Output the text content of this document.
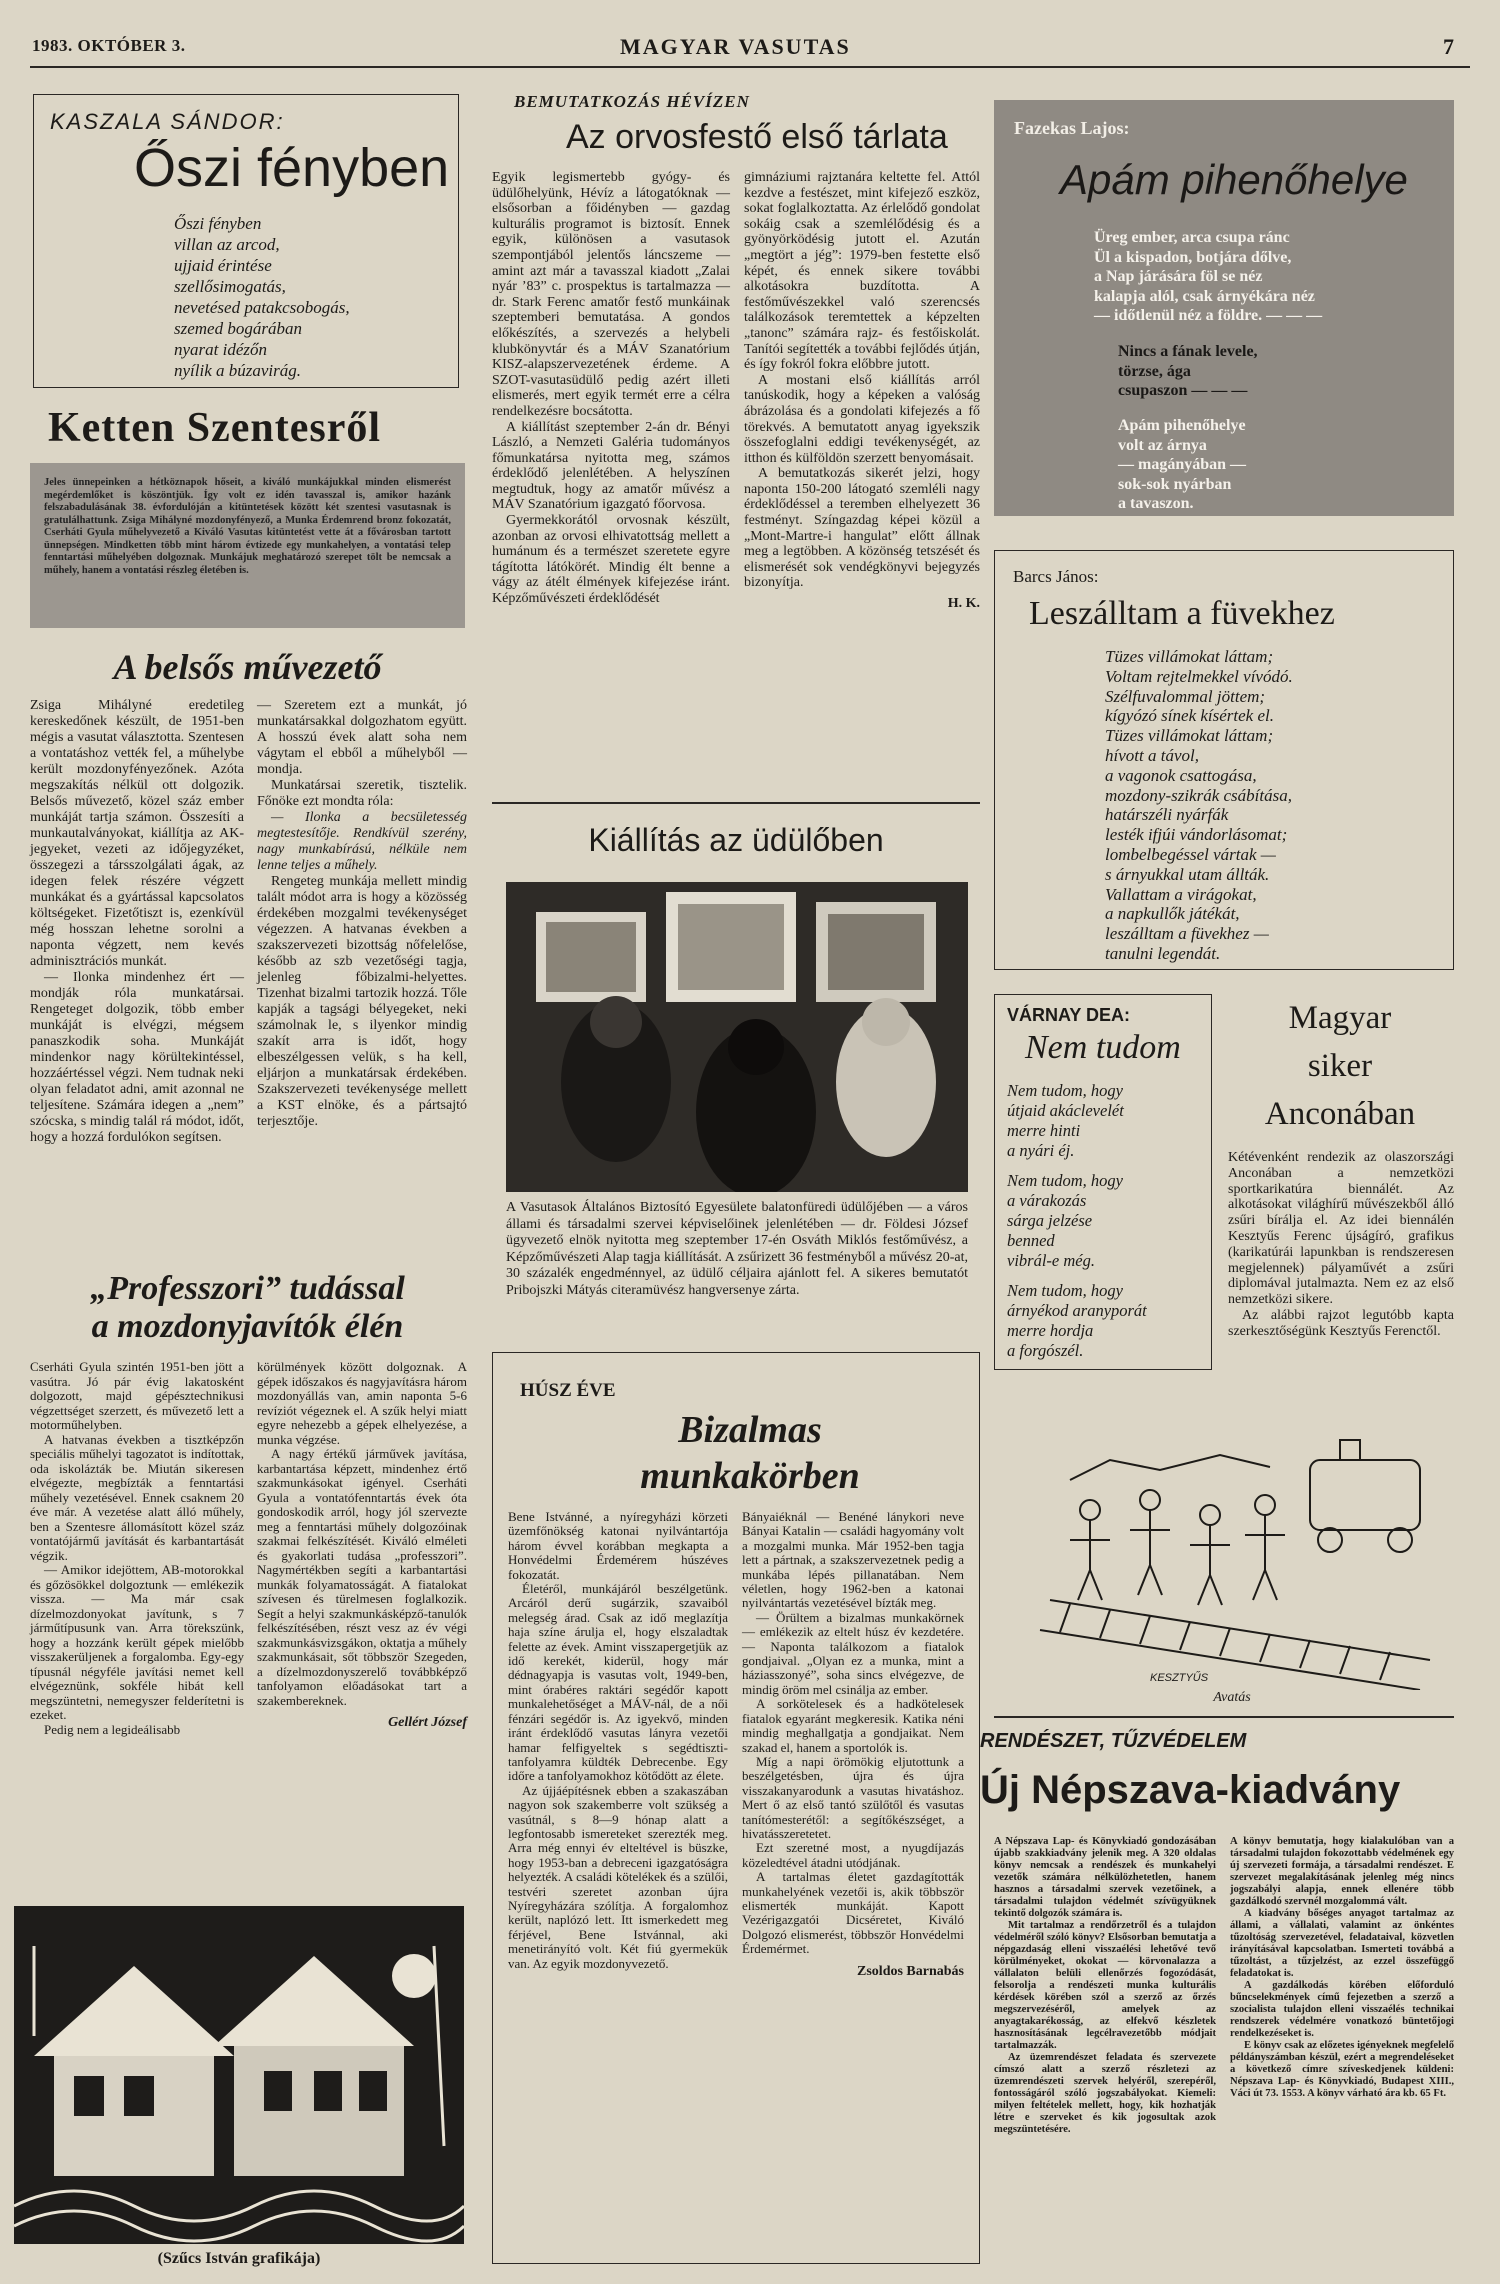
1983. OKTÓBER 3.	MAGYAR VASUTAS	7
KASZALA SÁNDOR:
Őszi fényben

Őszi fényben
villan az arcod,
ujjaid érintése
szellősimogatás,
nevetésed patakcsobogás,
szemed bogárában
nyarat idézőn
nyílik a búzavirág.

Ketten Szentesről

Jeles ünnepeinken a hétköznapok hőseit, a kiváló munkájukkal minden elismerést megérdemlőket is köszöntjük. Így volt ez idén tavasszal is, amikor hazánk felszabadulásának 38. évfordulóján a kitüntetések között két szentesi vasutasnak is gratulálhattunk. Zsiga Mihályné mozdonyfényező, a Munka Érdemrend bronz fokozatát, Cserháti Gyula műhelyvezető a Kiváló Vasutas kitüntetést vette át a fővárosban tartott ünnepségen. Mindketten több mint három évtizede egy munkahelyen, a vontatási telep fenntartási műhelyében dolgoznak. Munkájuk meghatározó szerepet tölt be nemcsak a műhely, hanem a vontatási részleg életében is.

A belsős művezető

Zsiga Mihályné eredetileg kereskedőnek készült, de 1951-ben mégis a vasutat választotta. Szentesen a vontatáshoz vették fel, a műhelybe került mozdonyfényezőnek. Azóta megszakítás nélkül ott dolgozik. Belsős művezető, közel száz ember munkáját tartja számon. Összesíti a munkautalványokat, kiállítja az AK-jegyeket, vezeti az időjegyzéket, összegezi a társszolgálati ágak, az idegen felek részére végzett munkákat és a gyártással kapcsolatos költségeket. Fizetőtiszt is, ezenkívül még hosszan lehetne sorolni a naponta végzett, nem kevés adminisztrációs munkát.

— Ilonka mindenhez ért — mondják róla munkatársai. Rengeteget dolgozik, több ember munkáját is elvégzi, mégsem panaszkodik soha. Munkáját mindenkor nagy körültekintéssel, hozzáértéssel végzi. Nem tudnak neki olyan feladatot adni, amit azonnal ne teljesítene. Számára idegen a „nem” szócska, s mindig talál rá módot, időt, hogy a hozzá fordulókon segítsen.

— Szeretem ezt a munkát, jó munkatársakkal dolgozhatom együtt. A hosszú évek alatt soha nem vágytam el ebből a műhelyből — mondja.

Munkatársai szeretik, tisztelik. Főnöke ezt mondta róla:

— Ilonka a becsületesség megtestesítője. Rendkívül szerény, nagy munkabírású, nélküle nem lenne teljes a műhely.

Rengeteg munkája mellett mindig talált módot arra is hogy a közösség érdekében mozgalmi tevékenységet végezzen. A hatvanas években a szakszervezeti bizottság nőfelelőse, később az szb vezetőségi tagja, jelenleg főbizalmi-helyettes. Tizenhat bizalmi tartozik hozzá. Tőle kapják a tagsági bélyegeket, neki számolnak le, s ilyenkor mindig szakít arra is időt, hogy elbeszélgessen velük, s ha kell, eljárjon a munkatársak érdekében. Szakszervezeti tevékenysége mellett a KST elnöke, és a pártsajtó terjesztője.

„Professzori” tudással
a mozdonyjavítók élén

Cserháti Gyula szintén 1951-ben jött a vasútra. Jó pár évig lakatosként dolgozott, majd gépésztechnikusi végzettséget szerzett, és művezető lett a motorműhelyben.

A hatvanas években a tisztképzőn speciális műhelyi tagozatot is indítottak, oda iskolázták be. Miután sikeresen elvégezte, megbízták a fenntartási műhely vezetésével. Ennek csaknem 20 éve már. A vezetése alatt álló műhely, ben a Szentesre állomásított közel száz vontatójármű javítását és karbantartását végzik.

— Amikor idejöttem, AB-motorokkal és gőzösökkel dolgoztunk — emlékezik vissza. — Ma már csak dízelmozdonyokat javítunk, s 7 járműtípusunk van. Arra törekszünk, hogy a hozzánk került gépek mielőbb visszakerüljenek a forgalomba. Egy-egy típusnál négyféle javítási nemet kell elvégeznünk, sokféle hibát kell megszüntetni, nemegyszer felderítetni is ezeket.

Pedig nem a legideálisabb

körülmények között dolgoznak. A gépek időszakos és nagyjavításra három mozdonyállás van, amin naponta 5-6 revíziót végeznek el. A szűk helyi miatt egyre nehezebb a gépek elhelyezése, a munka végzése.

A nagy értékű járművek javítása, karbantartása képzett, mindenhez értő szakmunkásokat igényel. Cserháti Gyula a vontatófenntartás évek óta gondoskodik arról, hogy jól szervezte meg a fenntartási műhely dolgozóinak szakmai felkészítését. Kiváló elméleti és gyakorlati tudása „professzori”. Nagymértékben segíti a karbantartási munkák folyamatosságát. A fiatalokat szívesen és türelmesen foglalkozik. Segít a helyi szakmunkásképző-tanulók felkészítésében, részt vesz az év végi szakmunkásvizsgákon, oktatja a műhely szakmunkásait, sőt többször Szegeden, a dízelmozdonyszerelő továbbképző tanfolyamon előadásokat tart a szakembereknek.

Gellért József

(Szűcs István grafikája)
BEMUTATKOZÁS HÉVÍZEN
Az orvosfestő első tárlata

Egyik legismertebb gyógy- és üdülőhelyünk, Hévíz a látogatóknak — elsősorban a főidényben — gazdag kulturális programot is biztosít. Ennek egyik, különösen a vasutasok szempontjából jelentős láncszeme — amint azt már a tavasszal kiadott „Zalai nyár ’83” c. prospektus is tartalmazza — dr. Stark Ferenc amatőr festő munkáinak szeptemberi bemutatása. A gondos előkészítés, a szervezés a helybeli klubkönyvtár és a MÁV Szanatórium KISZ-alapszervezetének érdeme. A SZOT-vasutasüdülő pedig azért illeti elismerés, mert egyik termét erre a célra rendelkezésre bocsátotta.

A kiállítást szeptember 2-án dr. Bényi László, a Nemzeti Galéria tudományos főmunkatársa nyitotta meg, számos érdeklődő jelenlétében. A helyszínen megtudtuk, hogy az amatőr művész a MÁV Szanatórium igazgató főorvosa.

Gyermekkorától orvosnak készült, azonban az orvosi elhivatottság mellett a humánum és a természet szeretete egyre tágította látókörét. Mindig élt benne a vágy az átélt élmények kifejezése iránt. Képzőművészeti érdeklődését

gimnáziumi rajztanára keltette fel. Attól kezdve a festészet, mint kifejező eszköz, sokat foglalkoztatta. Az érlelődő gondolat sokáig csak a szemlélődésig és a gyönyörködésig jutott el. Azután „megtört a jég”: 1979-ben festette első képét, és ennek sikere további alkotásokra buzdította. A festőművészekkel való szerencsés találkozások teremtettek a képzelten „tanonc” számára rajz- és festőiskolát. Tanítói segítették a további fejlődés útján, és így fokról fokra előbbre jutott.

A mostani első kiállítás arról tanúskodik, hogy a képeken a valóság ábrázolása és a gondolati kifejezés a fő törekvés. A bemutatott anyag igyekszik összefoglalni eddigi tevékenységét, az itthon és külföldön szerzett benyomásait.

A bemutatkozás sikerét jelzi, hogy naponta 150-200 látogató szemléli nagy érdeklődéssel a teremben elhelyezett 36 festményt. Színgazdag képei közül a „Mont-Martre-i hangulat” előtt állnak meg a legtöbben. A közönség tetszését és elismerését sok vendégkönyvi bejegyzés bizonyítja.

H. K.

Kiállítás az üdülőben

A Vasutasok Általános Biztosító Egyesülete balatonfüredi üdülőjében — a város állami és társadalmi szervei képviselőinek jelenlétében — dr. Földesi József ügyvezető elnök nyitotta meg szeptember 17-én Osváth Miklós festőművész, a Képzőművészeti Alap tagja kiállítását. A zsűrizett 36 festményből a művész 20-at, 30 százalék engedménnyel, az üdülő céljaira ajánlott fel. A sikeres bemutatót Pribojszki Mátyás citeramüvész hangversenye zárta.

HÚSZ ÉVE
Bizalmas
munkakörben

Bene Istvánné, a nyíregyházi körzeti üzemfőnökség katonai nyilvántartója három évvel korábban megkapta a Honvédelmi Érdemérem húszéves fokozatát.

Életéről, munkájáról beszélgetünk. Arcáról derű sugárzik, szavaiból melegség árad. Csak az idő meglazítja haja színe árulja el, hogy elszaladtak felette az évek. Amint visszapergetjük az idő kerekét, kiderül, hogy már dédnagyapja is vasutas volt, 1949-ben, mint órabéres raktári segédőr kapott munkalehetőséget a MÁV-nál, de a női fénzári segédőr is. Az igyekvő, minden iránt érdeklődő vasutas lányra vezetői hamar felfigyeltek s segédtiszti-tanfolyamra küldték Debrecenbe. Egy időre a tanfolyamokhoz kötődött az élete.

Az újjáépítésnek ebben a szakaszában nagyon sok szakemberre volt szükség a vasútnál, s 8—9 hónap alatt a legfontosabb ismereteket szerezték meg. Arra még ennyi év elteltével is büszke, hogy 1953-ban a debreceni igazgatóságra helyezték. A családi kötelékek és a szülői, testvéri szeretet azonban újra Nyíregyházára szólítja. A forgalomhoz került, naplózó lett. Itt ismerkedett meg férjével, Bene Istvánnal, aki menetirányító volt. Két fiú gyermekük van. Az egyik mozdonyvezető.

Bányaiéknál — Benéné lánykori neve Bányai Katalin — családi hagyomány volt a mozgalmi munka. Már 1952-ben tagja lett a pártnak, a szakszervezetnek pedig a munkába lépés pillanatában. Nem véletlen, hogy 1962-ben a katonai nyilvántartás vezetésével bízták meg.

— Örültem a bizalmas munkakörnek — emlékezik az eltelt húsz év kezdetére. — Naponta találkozom a fiatalok gondjaival. „Olyan ez a munka, mint a háziasszonyé”, soha sincs elvégezve, de mindig öröm mel csinálja az ember.

A sorkötelesek és a hadkötelesek fiatalok egyaránt megkeresik. Katika néni mindig meghallgatja a gondjaikat. Nem szakad el, hanem a sportolók is.

Míg a napi örömökig eljutottunk a beszélgetésben, újra és újra visszakanyarodunk a vasutas hivatáshoz. Mert ő az első tantó szülőtől és vasutas tanítómesterétől: a segítőkészséget, a hivatásszeretetet.

Ezt szeretné most, a nyugdíjazás közeledtével átadni utódjának.

A tartalmas életet gazdagították munkahelyének vezetői is, akik többször elismerték munkáját. Kapott Vezérigazgatói Dicséretet, Kiváló Dolgozó elismerést, többször Honvédelmi Érdemérmet.

Zsoldos Barnabás

Fazekas Lajos:
Apám pihenőhelye

Üreg ember, arca csupa ránc
Ül a kispadon, botjára dőlve,
a Nap járására föl se néz
kalapja alól, csak árnyékára néz
— időtlenül néz a földre. — — —

Nincs a fának levele,
törzse, ága
csupaszon — — —

Apám pihenőhelye
volt az árnya
— magányában —
sok-sok nyárban
a tavaszon.

Barcs János:
Leszálltam a füvekhez

Tüzes villámokat láttam;
Voltam rejtelmekkel vívódó.
Szélfuvalommal jöttem;
kígyózó sínek kísértek el.
Tüzes villámokat láttam;
hívott a távol,
a vagonok csattogása,
mozdony-szikrák csábítása,
határszéli nyárfák
lesték ifjúi vándorlásomat;
lombelbegéssel vártak —
s árnyukkal utam állták.
Vallattam a virágokat,
a napkullők játékát,
leszálltam a füvekhez —
tanulni legendát.

VÁRNAY DEA:
Nem tudom

Nem tudom, hogy
útjaid akáclevelét
merre hinti
a nyári éj.

Nem tudom, hogy
a várakozás
sárga jelzése
benned
vibrál-e még.

Nem tudom, hogy
árnyékod aranyporát
merre hordja
a forgószél.

Magyar
siker
Anconában

Kétévenként rendezik az olaszországi Anconában a nemzetközi sportkarikatúra biennálét. Az alkotásokat világhírű művészekből álló zsűri bírálja el. Az idei biennálén Kesztyűs Ferenc újságíró, grafikus (karikatúrái lapunkban is rendszeresen megjelennek) pályaművét a zsűri diplomával jutalmazta. Nem ez az első nemzetközi sikere.

Az alábbi rajzot legutóbb kapta szerkesztőségünk Kesztyűs Ferenctől.

KESZTYŰS
Avatás
RENDÉSZET, TŰZVÉDELEM
Új Népszava-kiadvány

A Népszava Lap- és Könyvkiadó gondozásában újabb szakkiadvány jelenik meg. A 320 oldalas könyv nemcsak a rendészek és munkahelyi vezetők számára nélkülözhetetlen, hanem hasznos a társadalmi szervek vezetőinek, a társadalmi tulajdon védelmét szívügyüknek tekintő dolgozók számára is.

Mit tartalmaz a rendőrzetről és a tulajdon védelméről szóló könyv? Elsősorban bemutatja a népgazdaság elleni visszaélési lehetővé tevő körülményeket, okokat — körvonalazza a vállalaton belüli ellenőrzés fogozódását, felsorolja a rendészeti munka kulturális kérdések körében szól a szerző az őrzés megszervezéséről, amelyek az anyagtakarékosság, az elfekvő készletek hasznosításának legcélravezetőbb módjait tartalmazzák.

Az üzemrendészet feladata és szervezete címszó alatt a szerző részletezi az üzemrendészeti szervek helyéről, szerepéről, fontosságáról szóló jogszabályokat. Kiemeli: milyen feltételek mellett, hogy, kik hozhatják létre e szerveket és kik jogosultak azok megszüntetésére.

A könyv bemutatja, hogy kialakulóban van a társadalmi tulajdon fokozottabb védelmének egy új szervezeti formája, a társadalmi rendészet. E szervezet megalakításának jelenleg még nincs jogszabályi alapja, ennek ellenére több gazdálkodó szervnél mozgalommá vált.

A kiadvány bőséges anyagot tartalmaz az állami, a vállalati, valamint az önkéntes tűzoltóság szervezetével, feladataival, közvetlen irányításával kapcsolatban. Ismerteti továbbá a tűzoltást, a tűzjelzést, az ezzel összefüggő feladatokat is.

A gazdálkodás körében előforduló bűncselekmények című fejezetben a szerző a szocialista tulajdon elleni visszaélés technikai rendszerek védelmére vonatkozó büntetőjogi rendelkezéseket is.

E könyv csak az előzetes igényeknek megfelelő példányszámban készül, ezért a megrendeléseket a következő címre szíveskedjenek küldeni: Népszava Lap- és Könyvkiadó, Budapest XIII., Váci út 73. 1553. A könyv várható ára kb. 65 Ft.
